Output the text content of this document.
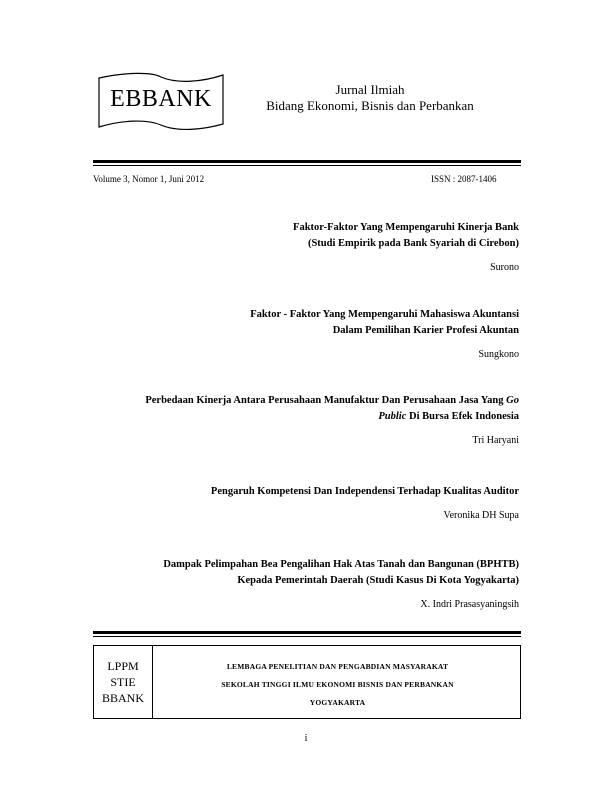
EBBANK	Jurnal Ilmiah
Bidang Ekonomi, Bisnis dan Perbankan
Volume 3, Nomor 1, Juni 2012	ISSN : 2087-1406
Faktor-Faktor Yang Mempengaruhi Kinerja Bank
(Studi Empirik pada Bank Syariah di Cirebon)
Surono
Faktor - Faktor Yang Mempengaruhi Mahasiswa Akuntansi
Dalam Pemilihan Karier Profesi Akuntan
Sungkono
Perbedaan Kinerja Antara Perusahaan Manufaktur Dan Perusahaan Jasa Yang Go
Public Di Bursa Efek Indonesia
Tri Haryani
Pengaruh Kompetensi Dan Independensi Terhadap Kualitas Auditor
Veronika DH Supa
Dampak Pelimpahan Bea Pengalihan Hak Atas Tanah dan Bangunan (BPHTB)
Kepada Pemerintah Daerah (Studi Kasus Di Kota Yogyakarta)
X. Indri Prasasyaningsih
LPPM
STIE
BBANK
LEMBAGA PENELITIAN DAN PENGABDIAN MASYARAKAT
SEKOLAH TINGGI ILMU EKONOMI BISNIS DAN PERBANKAN
YOGYAKARTA
i
